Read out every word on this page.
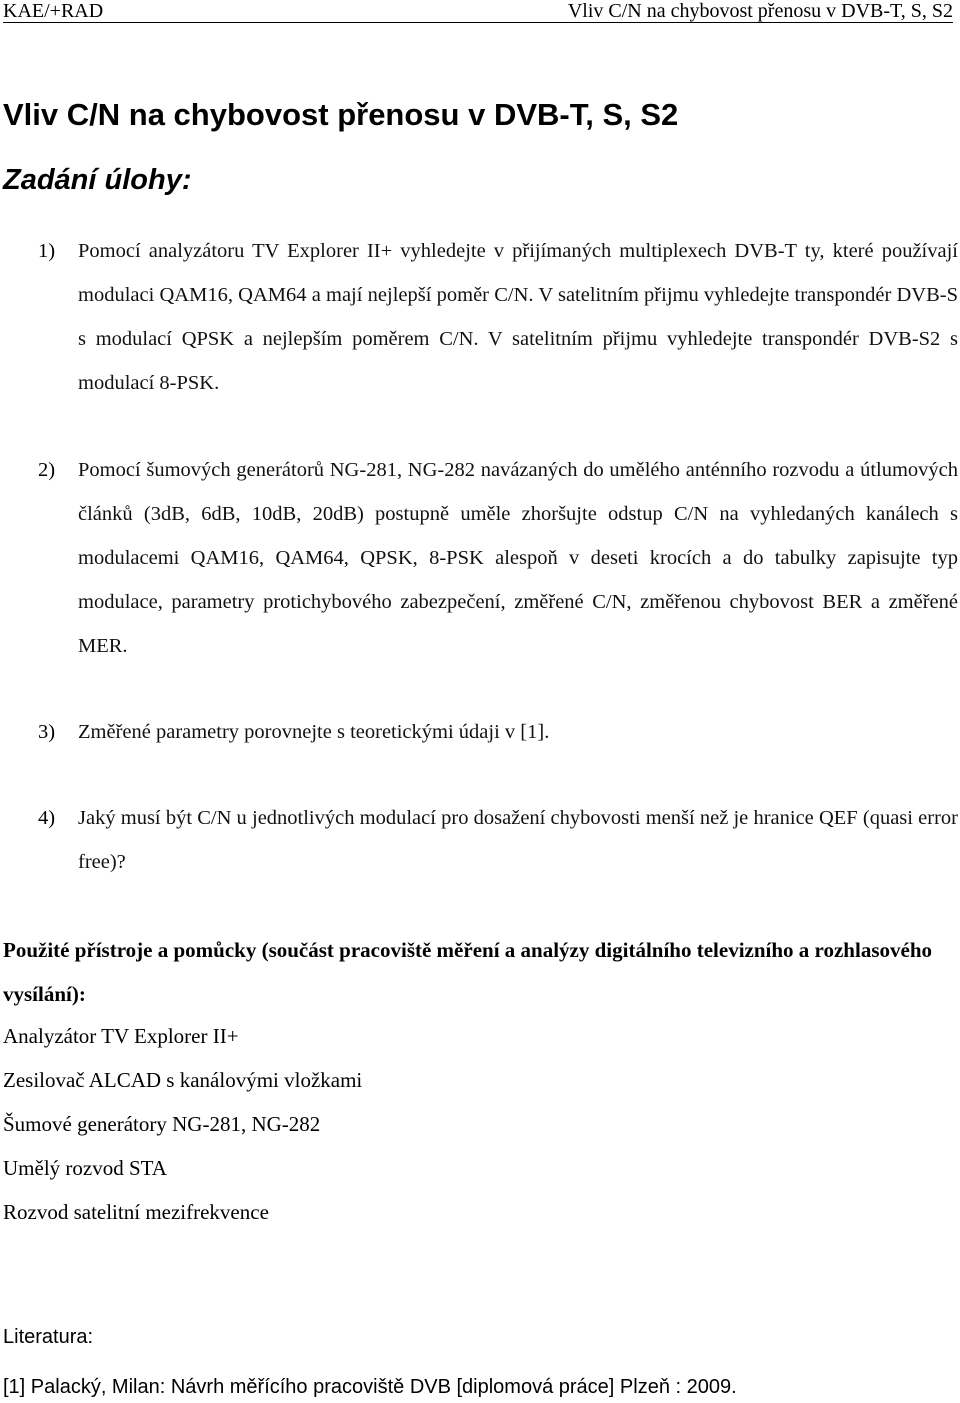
KAE/+RAD	Vliv C/N na chybovost přenosu v DVB-T, S, S2
Vliv C/N na chybovost přenosu v DVB-T, S, S2
Zadání úlohy:
1) Pomocí analyzátoru TV Explorer II+ vyhledejte v přijímaných multiplexech DVB-T ty, které používají modulaci QAM16, QAM64 a mají nejlepší poměr C/N. V satelitním přijmu vyhledejte transpondér DVB-S s modulací QPSK a nejlepším poměrem C/N. V satelitním přijmu vyhledejte transpondér DVB-S2 s modulací 8-PSK.
2) Pomocí šumových generátorů NG-281, NG-282 navázaných do umělého anténního rozvodu a útlumových článků (3dB, 6dB, 10dB, 20dB) postupně uměle zhoršujte odstup C/N na vyhledaných kanálech s modulacemi QAM16, QAM64, QPSK, 8-PSK alespoň v deseti krocích a do tabulky zapisujte typ modulace, parametry protichybového zabezpečení, změřené C/N, změřenou chybovost BER a změřené MER.
3) Změřené parametry porovnejte s teoretickými údaji v [1].
4) Jaký musí být C/N u jednotlivých modulací pro dosažení chybovosti menší než je hranice QEF (quasi error free)?
Použité přístroje a pomůcky (součást pracoviště měření a analýzy digitálního televizního a rozhlasového vysílání):
Analyzátor TV Explorer II+
Zesilovač ALCAD s kanálovými vložkami
Šumové generátory NG-281, NG-282
Umělý rozvod STA
Rozvod satelitní mezifrekvence
Literatura:
[1] Palacký, Milan: Návrh měřícího pracoviště DVB [diplomová práce] Plzeň : 2009.
